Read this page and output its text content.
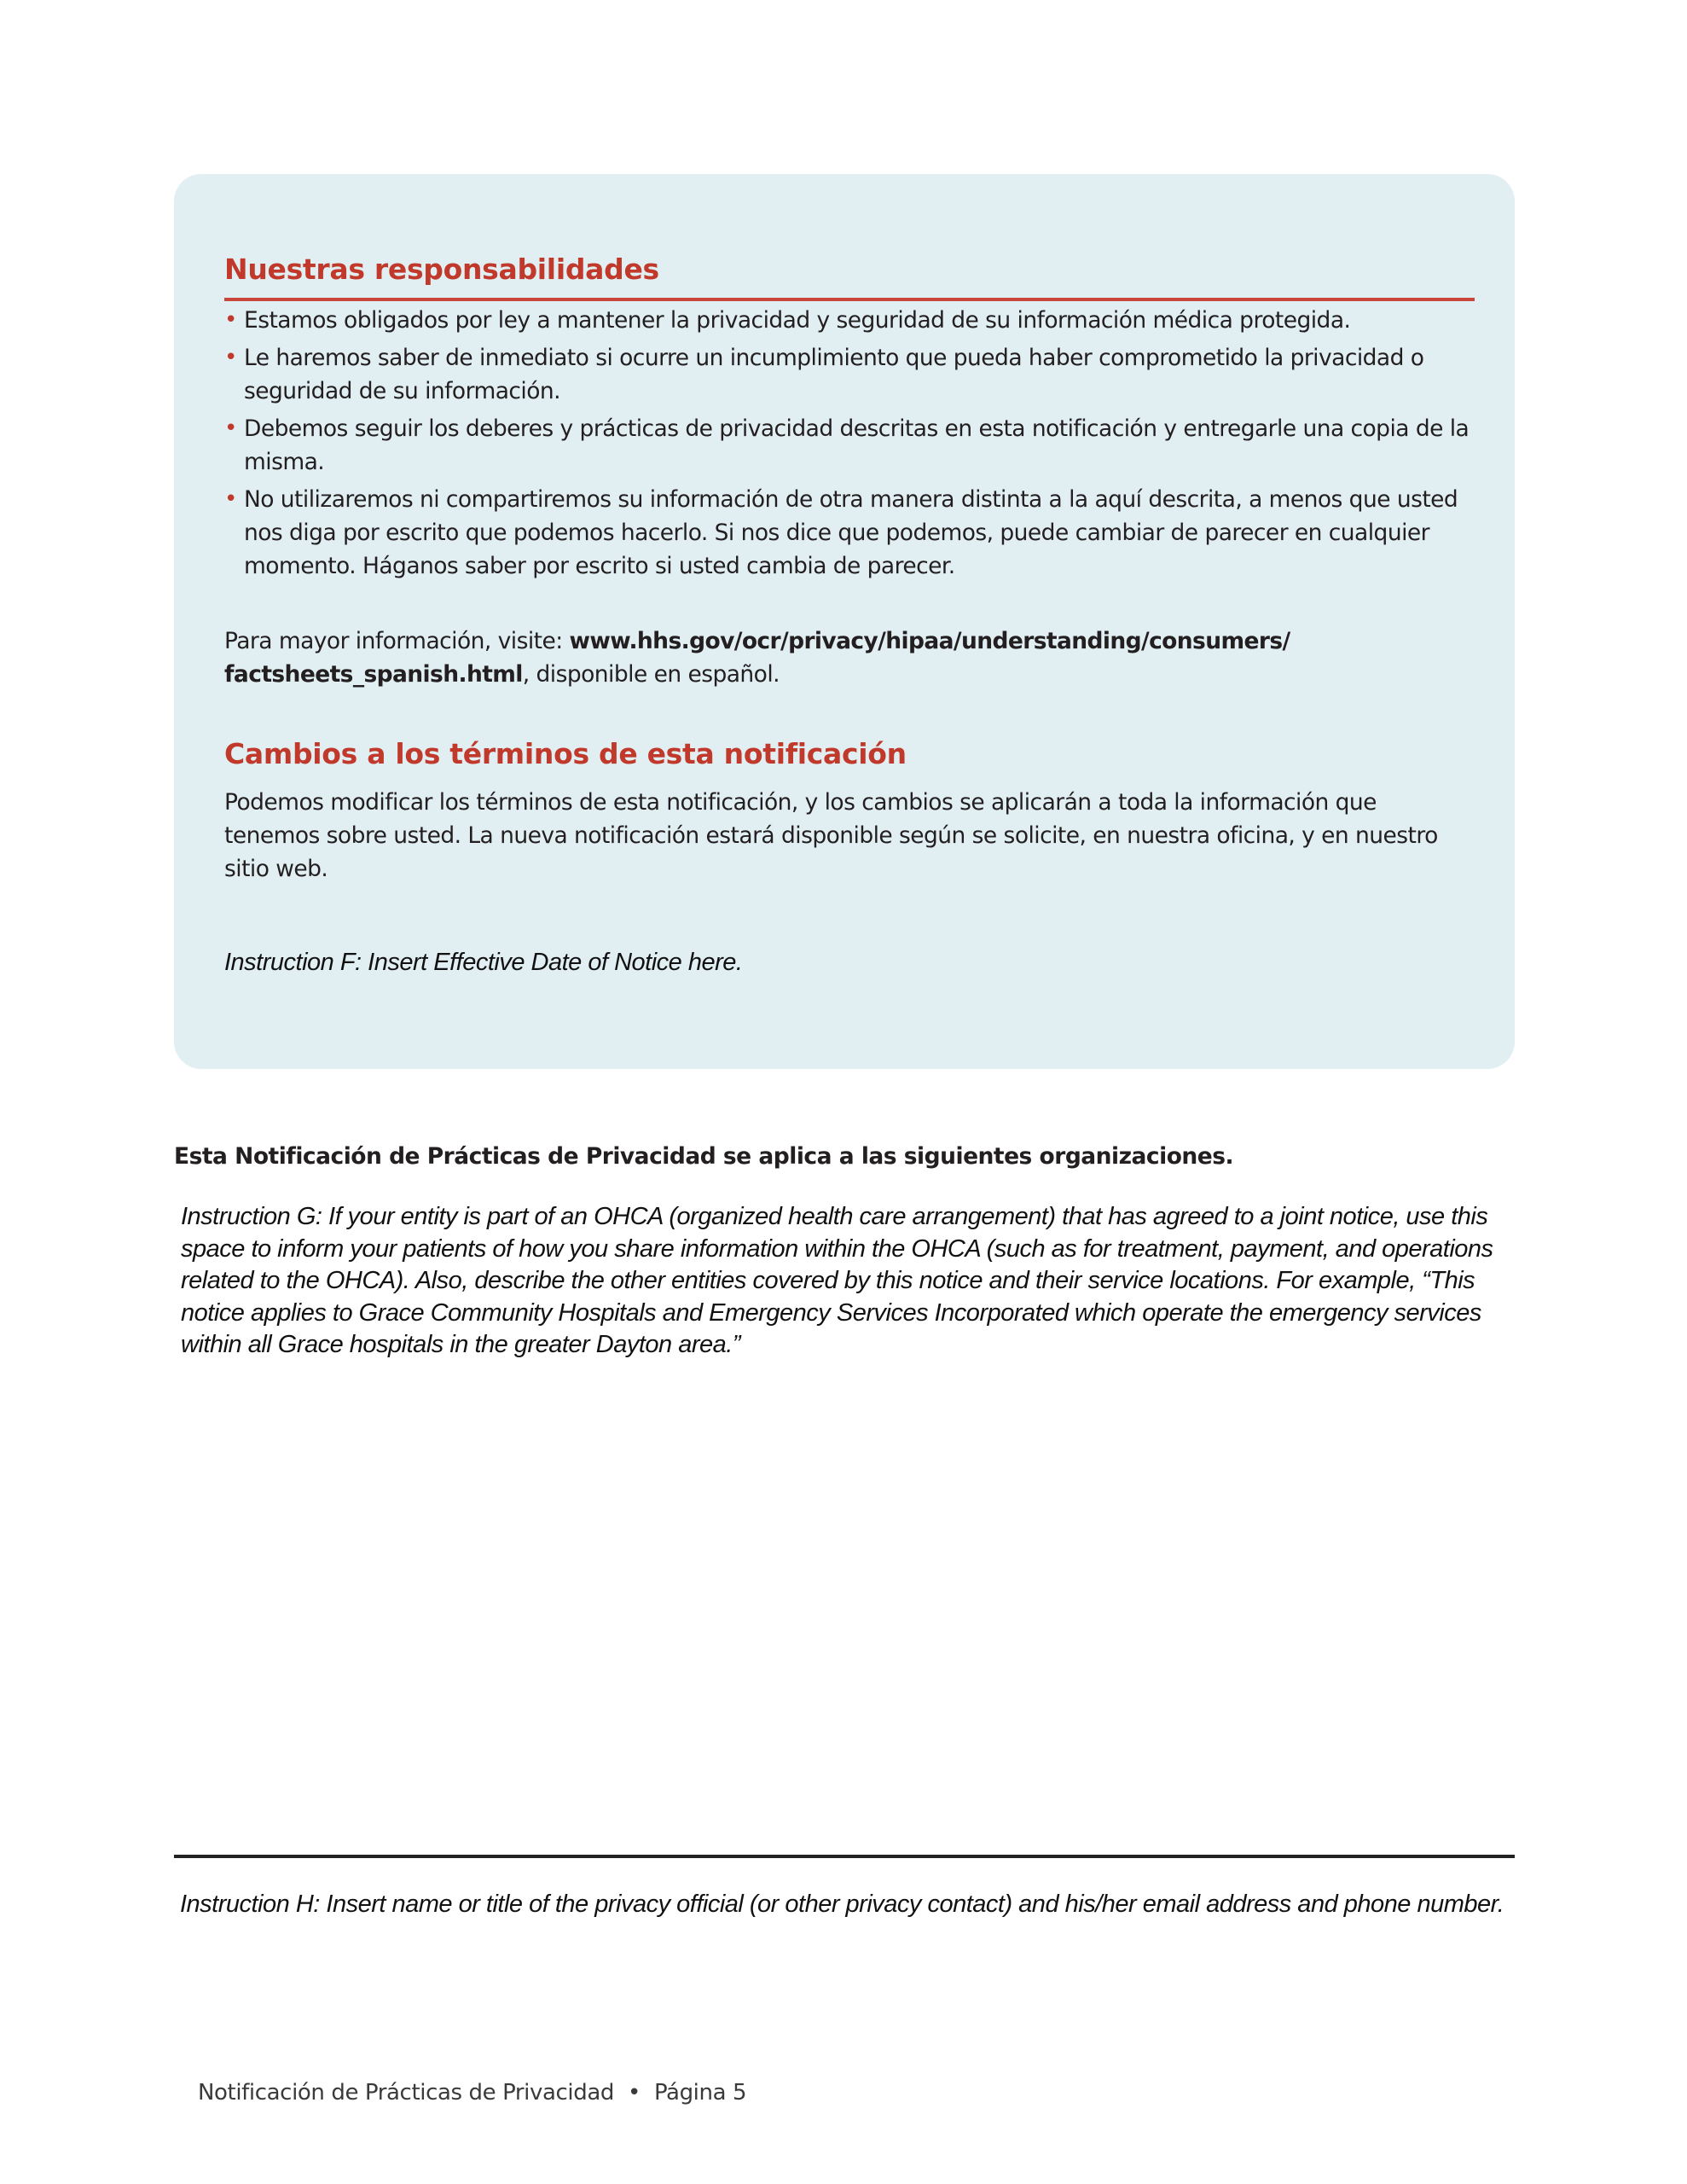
Nuestras responsabilidades
• Estamos obligados por ley a mantener la privacidad y seguridad de su información médica protegida.
• Le haremos saber de inmediato si ocurre un incumplimiento que pueda haber comprometido la privacidad o seguridad de su información.
• Debemos seguir los deberes y prácticas de privacidad descritas en esta notificación y entregarle una copia de la misma.
• No utilizaremos ni compartiremos su información de otra manera distinta a la aquí descrita, a menos que usted nos diga por escrito que podemos hacerlo. Si nos dice que podemos, puede cambiar de parecer en cualquier momento. Háganos saber por escrito si usted cambia de parecer.
Para mayor información, visite: www.hhs.gov/ocr/privacy/hipaa/understanding/consumers/ factsheets_spanish.html, disponible en español.
Cambios a los términos de esta notificación
Podemos modificar los términos de esta notificación, y los cambios se aplicarán a toda la información que tenemos sobre usted. La nueva notificación estará disponible según se solicite, en nuestra oficina, y en nuestro sitio web.
Instruction F: Insert Effective Date of Notice here.
Esta Notificación de Prácticas de Privacidad se aplica a las siguientes organizaciones.
Instruction G: If your entity is part of an OHCA (organized health care arrangement) that has agreed to a joint notice, use this space to inform your patients of how you share information within the OHCA (such as for treatment, payment, and operations related to the OHCA). Also, describe the other entities covered by this notice and their service locations. For example, “This notice applies to Grace Community Hospitals and Emergency Services Incorporated which operate the emergency services within all Grace hospitals in the greater Dayton area.”
Instruction H: Insert name or title of the privacy official (or other privacy contact) and his/her email address and phone number.
Notificación de Prácticas de Privacidad • Página 5
